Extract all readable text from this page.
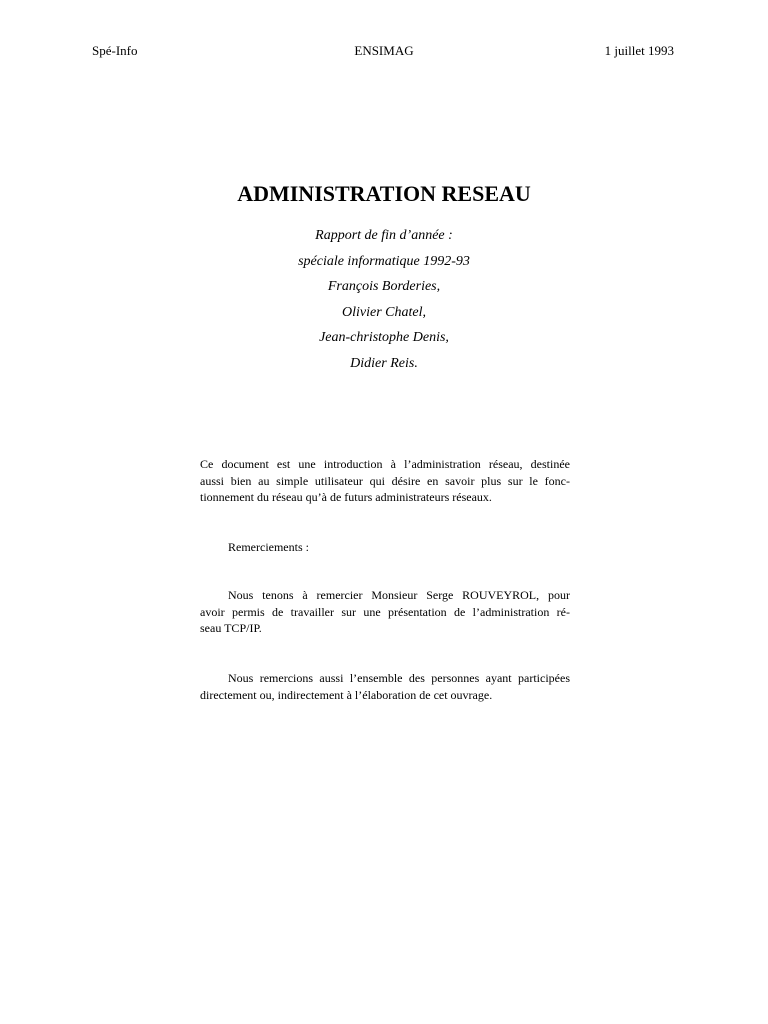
Spé-Info	ENSIMAG	1 juillet 1993
ADMINISTRATION RESEAU
Rapport de fin d’année :
spéciale informatique 1992-93
François Borderies,
Olivier Chatel,
Jean-christophe Denis,
Didier Reis.
Ce document est une introduction à l’administration réseau, destinée
aussi bien au simple utilisateur qui désire en savoir plus sur le fonc-
tionnement du réseau qu’à de futurs administrateurs réseaux.
Remerciements :
Nous tenons à remercier Monsieur Serge ROUVEYROL, pour
avoir permis de travailler sur une présentation de l’administration ré-
seau TCP/IP.
Nous remercions aussi l’ensemble des personnes ayant participées
directement ou, indirectement à l’élaboration de cet ouvrage.
